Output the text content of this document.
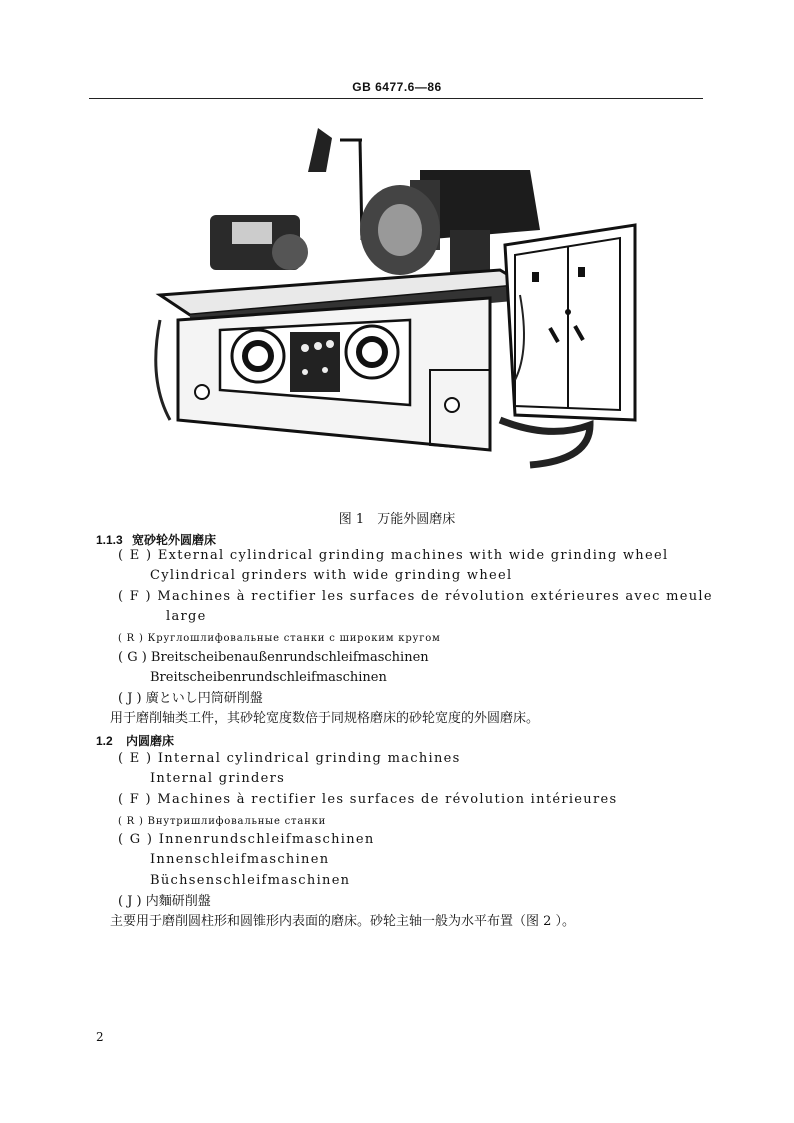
GB 6477.6—86
图 1　万能外圆磨床
1.1.3 宽砂轮外圆磨床
( E ) External cylindrical grinding machines with wide grinding wheel
Cylindrical grinders with wide grinding wheel
( F ) Machines à rectifier les surfaces de révolution extérieures avec meule
large
( R ) Круглошлифовальные станки с широким кругом
( G ) Breitscheibenaußenrundschleifmaschinen
Breitscheibenrundschleifmaschinen
( J ) 廣といし円筒研削盤
用于磨削轴类工件，其砂轮宽度数倍于同规格磨床的砂轮宽度的外圆磨床。
1.2 内圆磨床
( E ) Internal cylindrical grinding machines
Internal grinders
( F ) Machines à rectifier les surfaces de révolution intérieures
( R ) Внутришлифовальные станки
( G ) Innenrundschleifmaschinen
Innenschleifmaschinen
Büchsenschleifmaschinen
( J ) 内麵研削盤
主要用于磨削圆柱形和圆锥形内表面的磨床。砂轮主轴一般为水平布置（图 2 ）。
2
